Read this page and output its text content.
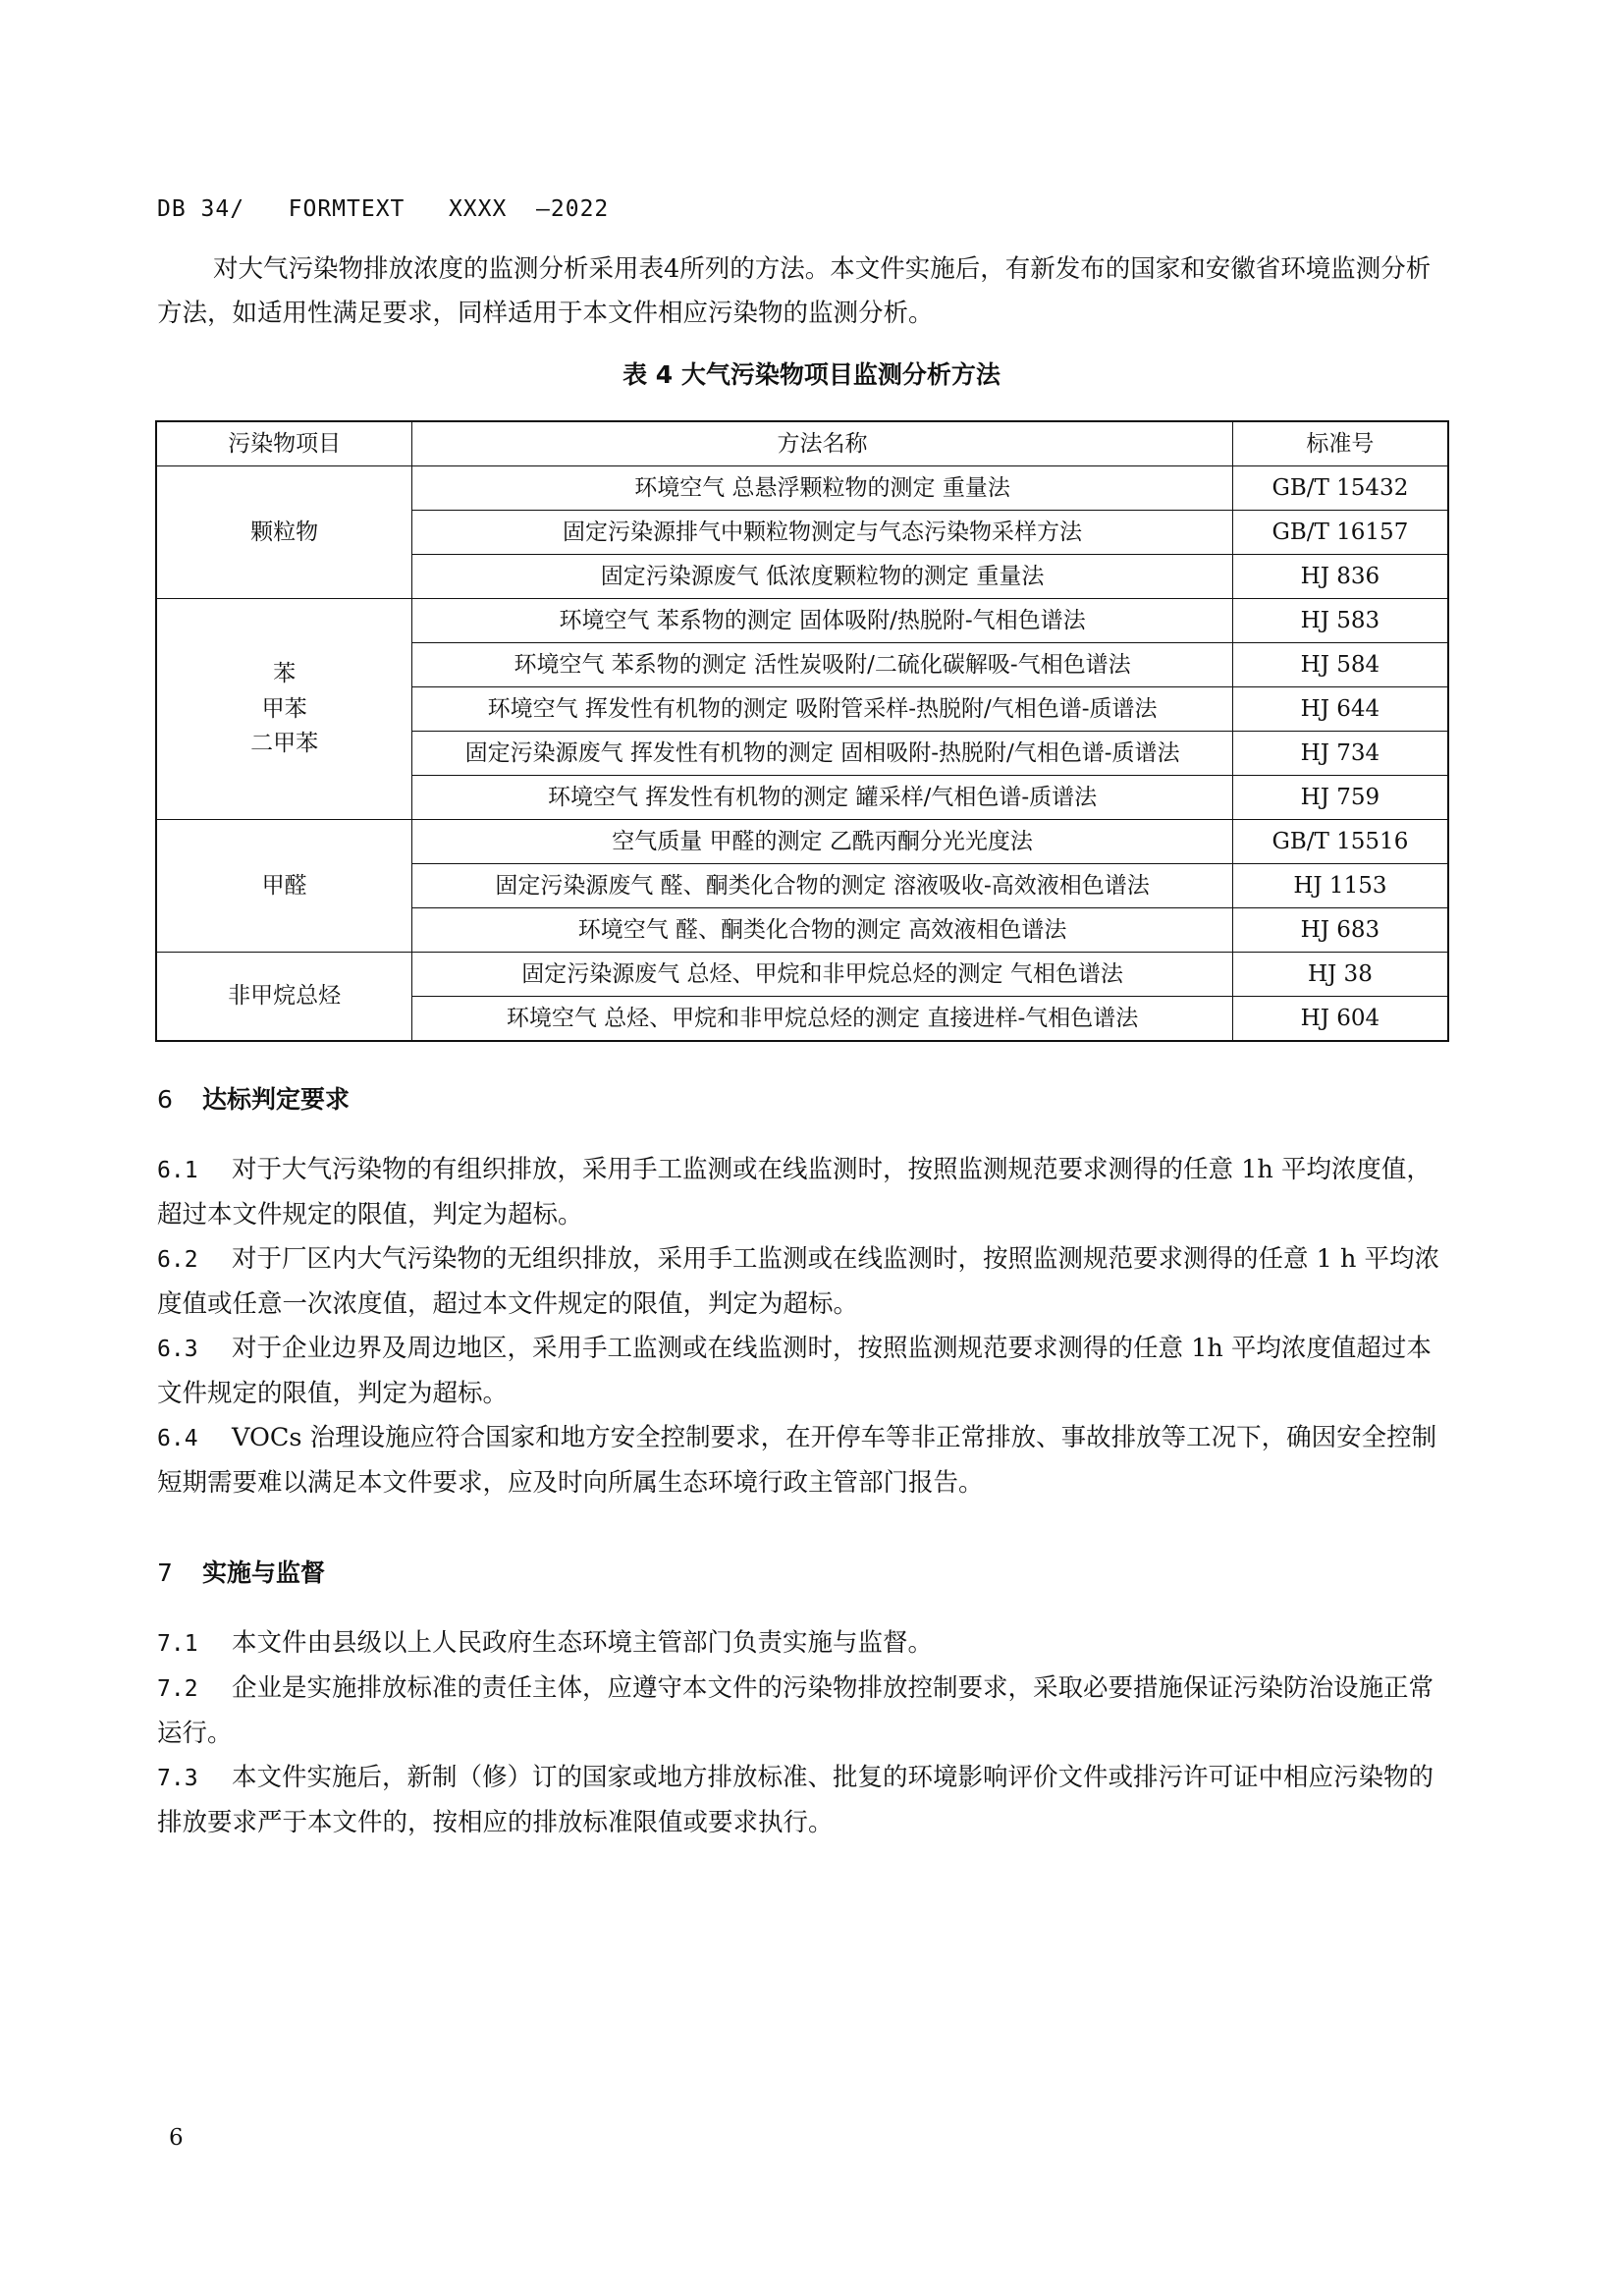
DB 34/   FORMTEXT   XXXX  —2022

对大气污染物排放浓度的监测分析采用表4所列的方法。本文件实施后，有新发布的国家和安徽省环境监测分析方法，如适用性满足要求，同样适用于本文件相应污染物的监测分析。

表 4 大气污染物项目监测分析方法
污染物项目	方法名称	标准号

颗粒物	环境空气 总悬浮颗粒物的测定 重量法	GB/T 15432
	固定污染源排气中颗粒物测定与气态污染物采样方法	GB/T 16157
	固定污染源废气 低浓度颗粒物的测定 重量法	HJ 836

苯
甲苯
二甲苯	环境空气 苯系物的测定 固体吸附/热脱附-气相色谱法	HJ 583
	环境空气 苯系物的测定 活性炭吸附/二硫化碳解吸-气相色谱法	HJ 584
	环境空气 挥发性有机物的测定 吸附管采样-热脱附/气相色谱-质谱法	HJ 644
	固定污染源废气 挥发性有机物的测定 固相吸附-热脱附/气相色谱-质谱法	HJ 734
	环境空气 挥发性有机物的测定 罐采样/气相色谱-质谱法	HJ 759

甲醛	空气质量 甲醛的测定 乙酰丙酮分光光度法	GB/T 15516
	固定污染源废气 醛、酮类化合物的测定 溶液吸收-高效液相色谱法	HJ 1153
	环境空气 醛、酮类化合物的测定 高效液相色谱法	HJ 683

非甲烷总烃	固定污染源废气 总烃、甲烷和非甲烷总烃的测定 气相色谱法	HJ 38
	环境空气 总烃、甲烷和非甲烷总烃的测定 直接进样-气相色谱法	HJ 604
6 达标判定要求

6.1 对于大气污染物的有组织排放，采用手工监测或在线监测时，按照监测规范要求测得的任意 1h 平均浓度值，超过本文件规定的限值，判定为超标。

6.2 对于厂区内大气污染物的无组织排放，采用手工监测或在线监测时，按照监测规范要求测得的任意 1 h 平均浓度值或任意一次浓度值，超过本文件规定的限值，判定为超标。

6.3 对于企业边界及周边地区，采用手工监测或在线监测时，按照监测规范要求测得的任意 1h 平均浓度值超过本文件规定的限值，判定为超标。

6.4 VOCs 治理设施应符合国家和地方安全控制要求，在开停车等非正常排放、事故排放等工况下，确因安全控制短期需要难以满足本文件要求，应及时向所属生态环境行政主管部门报告。

7 实施与监督

7.1 本文件由县级以上人民政府生态环境主管部门负责实施与监督。

7.2 企业是实施排放标准的责任主体，应遵守本文件的污染物排放控制要求，采取必要措施保证污染防治设施正常运行。

7.3 本文件实施后，新制（修）订的国家或地方排放标准、批复的环境影响评价文件或排污许可证中相应污染物的排放要求严于本文件的，按相应的排放标准限值或要求执行。

6
